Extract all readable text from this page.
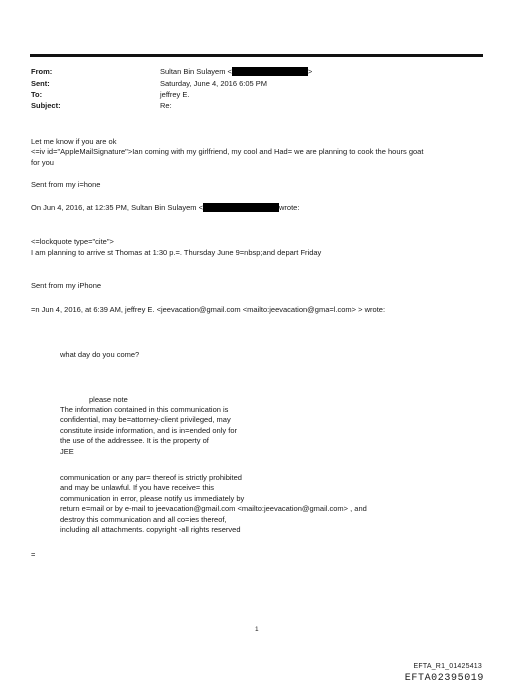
From:	Sultan Bin Sulayem <	>
Sent:	Saturday, June 4, 2016 6:05 PM
To:	jeffrey E.
Subject:	Re:
Let me know if you are ok
<=iv id="AppleMailSignature">Ian coming with my girlfriend, my cool and Had= we are planning to cook the hours goat
for you
Sent from my i=hone
On Jun 4, 2016, at 12:35 PM, Sultan Bin Sulayem <	wrote:
<=lockquote type="cite">
I am planning to arrive st Thomas at 1:30 p.=. Thursday June 9=nbsp;and depart Friday
Sent from my iPhone
=n Jun 4, 2016, at 6:39 AM, jeffrey E. <jeevacation@gmail.com <mailto:jeevacation@gma=l.com> > wrote:
what day do you come?
please note
The information contained in this communication is
confidential, may be=attorney-client privileged, may
constitute inside information, and is in=ended only for
the use of the addressee. It is the property of
JEE
communication or any par= thereof is strictly prohibited
and may be unlawful. If you have receive= this
communication in error, please notify us immediately by
return e=mail or by e-mail to jeevacation@gmail.com <mailto:jeevacation@gmail.com> , and
destroy this communication and all co=ies thereof,
including all attachments. copyright -all rights reserved
=
1
EFTA_R1_01425413
EFTA02395019
